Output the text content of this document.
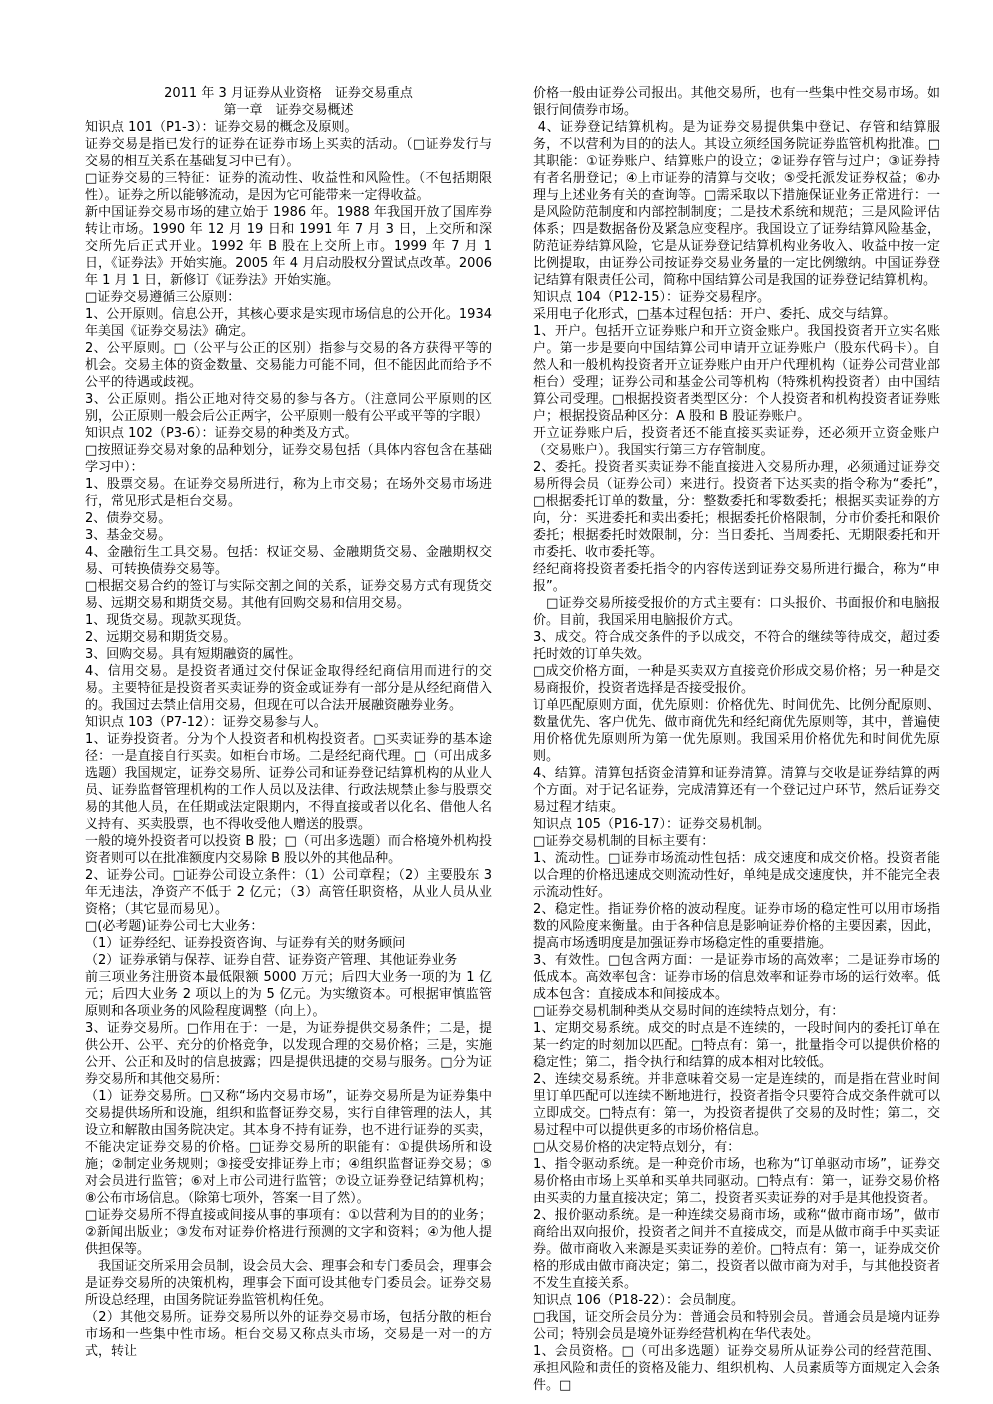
2011 年 3 月证券从业资格　证券交易重点

第一章　证券交易概述

知识点 101（P1-3）：证券交易的概念及原则。

证券交易是指已发行的证券在证券市场上买卖的活动。（□证券发行与交易的相互关系在基础复习中已有）。

□证券交易的三特征：证券的流动性、收益性和风险性。（不包括期限性）。证券之所以能够流动，是因为它可能带来一定得收益。

新中国证券交易市场的建立始于 1986 年。1988 年我国开放了国库券转让市场。1990 年 12 月 19 日和 1991 年 7 月 3 日，上交所和深交所先后正式开业。1992 年 B 股在上交所上市。1999 年 7 月 1 日，《证券法》开始实施。2005 年 4 月启动股权分置试点改革。2006 年 1 月 1 日，新修订《证券法》开始实施。

□证券交易遵循三公原则：

1、公开原则。信息公开，其核心要求是实现市场信息的公开化。1934 年美国《证券交易法》确定。

2、公平原则。□（公平与公正的区别）指参与交易的各方获得平等的机会。交易主体的资金数量、交易能力可能不同，但不能因此而给予不公平的待遇或歧视。

3、公正原则。指公正地对待交易的参与各方。（注意同公平原则的区别，公正原则一般会后公正两字，公平原则一般有公平或平等的字眼）

知识点 102（P3-6）：证券交易的种类及方式。

□按照证券交易对象的品种划分，证券交易包括（具体内容包含在基础学习中）：

1、股票交易。在证券交易所进行，称为上市交易；在场外交易市场进行，常见形式是柜台交易。

2、债券交易。

3、基金交易。

4、金融衍生工具交易。包括：权证交易、金融期货交易、金融期权交易、可转换债券交易等。

□根据交易合约的签订与实际交割之间的关系，证券交易方式有现货交易、远期交易和期货交易。其他有回购交易和信用交易。

1、现货交易。现款买现货。

2、远期交易和期货交易。

3、回购交易。具有短期融资的属性。

4、信用交易。是投资者通过交付保证金取得经纪商信用而进行的交易。主要特征是投资者买卖证券的资金或证券有一部分是从经纪商借入的。我国过去禁止信用交易，但现在可以合法开展融资融券业务。

知识点 103（P7-12）：证券交易参与人。

1、证券投资者。分为个人投资者和机构投资者。□买卖证券的基本途径：一是直接自行买卖。如柜台市场。二是经纪商代理。□（可出成多选题）我国规定，证券交易所、证券公司和证券登记结算机构的从业人员、证券监督管理机构的工作人员以及法律、行政法规禁止参与股票交易的其他人员，在任期或法定限期内，不得直接或者以化名、借他人名义持有、买卖股票，也不得收受他人赠送的股票。

一般的境外投资者可以投资 B 股；□（可出多选题）而合格境外机构投资者则可以在批准额度内交易除 B 股以外的其他品种。

2、证券公司。□证券公司设立条件：（1）公司章程；（2）主要股东 3 年无违法，净资产不低于 2 亿元；（3）高管任职资格，从业人员从业资格；（其它显而易见）。

□(必考题)证券公司七大业务：

（1）证券经纪、证券投资咨询、与证券有关的财务顾问

（2）证券承销与保荐、证券自营、证券资产管理、其他证券业务

前三项业务注册资本最低限额 5000 万元；后四大业务一项的为 1 亿元；后四大业务 2 项以上的为 5 亿元。为实缴资本。可根据审慎监管原则和各项业务的风险程度调整（向上）。

3、证券交易所。□作用在于：一是，为证券提供交易条件；二是，提供公开、公平、充分的价格竞争，以发现合理的交易价格；三是，实施公开、公正和及时的信息披露；四是提供迅捷的交易与服务。□分为证券交易所和其他交易所：

（1）证券交易所。□又称“场内交易市场”，证券交易所是为证券集中交易提供场所和设施，组织和监督证券交易，实行自律管理的法人，其设立和解散由国务院决定。其本身不持有证券，也不进行证券的买卖，不能决定证券交易的价格。□证券交易所的职能有：①提供场所和设施；②制定业务规则；③接受安排证券上市；④组织监督证券交易；⑤对会员进行监管；⑥对上市公司进行监管；⑦设立证券登记结算机构；⑧公布市场信息。（除第七项外，答案一目了然）。

□证券交易所不得直接或间接从事的事项有：①以营利为目的的业务；②新闻出版业；③发布对证券价格进行预测的文字和资料；④为他人提供担保等。

　我国证交所采用会员制，设会员大会、理事会和专门委员会，理事会是证券交易所的决策机构，理事会下面可设其他专门委员会。证券交易所设总经理，由国务院证券监管机构任免。

（2）其他交易所。证券交易所以外的证券交易市场，包括分散的柜台市场和一些集中性市场。柜台交易又称点头市场，交易是一对一的方式，转让

价格一般由证券公司报出。其他交易所，也有一些集中性交易市场。如银行间债券市场。

4、证券登记结算机构。是为证券交易提供集中登记、存管和结算服务，不以营利为目的的法人。其设立须经国务院证券监管机构批准。□其职能：①证券账户、结算账户的设立；②证券存管与过户；③证券持有者名册登记；④上市证券的清算与交收；⑤受托派发证券权益；⑥办理与上述业务有关的查询等。□需采取以下措施保证业务正常进行：一是风险防范制度和内部控制制度；二是技术系统和规范；三是风险评估体系；四是数据备份及紧急应变程序。我国设立了证券结算风险基金，防范证券结算风险，它是从证券登记结算机构业务收入、收益中按一定比例提取，由证券公司按证券交易业务量的一定比例缴纳。中国证券登记结算有限责任公司，简称中国结算公司是我国的证券登记结算机构。

知识点 104（P12-15）：证券交易程序。

采用电子化形式，□基本过程包括：开户、委托、成交与结算。

1、开户。包括开立证券账户和开立资金账户。我国投资者开立实名账户。第一步是要向中国结算公司申请开立证券账户（股东代码卡）。自然人和一般机构投资者开立证券账户由开户代理机构（证券公司营业部柜台）受理；证券公司和基金公司等机构（特殊机构投资者）由中国结算公司受理。□根据投资者类型区分：个人投资者和机构投资者证券账户；根据投资品种区分：A 股和 B 股证券账户。

开立证券账户后，投资者还不能直接买卖证券，还必须开立资金账户（交易账户）。我国实行第三方存管制度。

2、委托。投资者买卖证券不能直接进入交易所办理，必须通过证券交易所得会员（证券公司）来进行。投资者下达买卖的指令称为“委托”，　　□根据委托订单的数量，分：整数委托和零数委托；根据买卖证券的方向，分：买进委托和卖出委托；根据委托价格限制，分市价委托和限价委托；根据委托时效限制，分：当日委托、当周委托、无期限委托和开市委托、收市委托等。

经纪商将投资者委托指令的内容传送到证券交易所进行撮合，称为“申报”。

　□证券交易所接受报价的方式主要有：口头报价、书面报价和电脑报价。目前，我国采用电脑报价方式。

3、成交。符合成交条件的予以成交，不符合的继续等待成交，超过委托时效的订单失效。

□成交价格方面，一种是买卖双方直接竞价形成交易价格；另一种是交易商报价，投资者选择是否接受报价。

订单匹配原则方面，优先原则：价格优先、时间优先、比例分配原则、数量优先、客户优先、做市商优先和经纪商优先原则等，其中，普遍使用价格优先原则所为第一优先原则。我国采用价格优先和时间优先原则。

4、结算。清算包括资金清算和证券清算。清算与交收是证券结算的两个方面。对于记名证券，完成清算还有一个登记过户环节，然后证券交易过程才结束。

知识点 105（P16-17）：证券交易机制。

□证券交易机制的目标主要有：

1、流动性。□证券市场流动性包括：成交速度和成交价格。投资者能以合理的价格迅速成交则流动性好，单纯是成交速度快，并不能完全表示流动性好。

2、稳定性。指证券价格的波动程度。证券市场的稳定性可以用市场指数的风险度来衡量。由于各种信息是影响证券价格的主要因素，因此，提高市场透明度是加强证券市场稳定性的重要措施。

3、有效性。□包含两方面：一是证券市场的高效率；二是证券市场的低成本。高效率包含：证券市场的信息效率和证券市场的运行效率。低成本包含：直接成本和间接成本。

□证券交易机制种类从交易时间的连续特点划分，有：

1、定期交易系统。成交的时点是不连续的，一段时间内的委托订单在某一约定的时刻加以匹配。□特点有：第一，批量指令可以提供价格的稳定性；第二，指令执行和结算的成本相对比较低。

2、连续交易系统。并非意味着交易一定是连续的，而是指在营业时间里订单匹配可以连续不断地进行，投资者指令只要符合成交条件就可以立即成交。□特点有：第一，为投资者提供了交易的及时性；第二，交易过程中可以提供更多的市场价格信息。

□从交易价格的决定特点划分，有：

1、指令驱动系统。是一种竞价市场，也称为“订单驱动市场”，证券交易价格由市场上买单和买单共同驱动。□特点有：第一，证券交易价格由买卖的力量直接决定；第二，投资者买卖证券的对手是其他投资者。

2、报价驱动系统。是一种连续交易商市场，或称“做市商市场”，做市商给出双向报价，投资者之间并不直接成交，而是从做市商手中买卖证券。做市商收入来源是买卖证券的差价。□特点有：第一，证券成交价格的形成由做市商决定；第二，投资者以做市商为对手，与其他投资者不发生直接关系。

知识点 106（P18-22）：会员制度。

□我国，证交所会员分为：普通会员和特别会员。普通会员是境内证券公司；特别会员是境外证券经营机构在华代表处。

1、会员资格。□（可出多选题）证券交易所从证券公司的经营范围、承担风险和责任的资格及能力、组织机构、人员素质等方面规定入会条件。□
